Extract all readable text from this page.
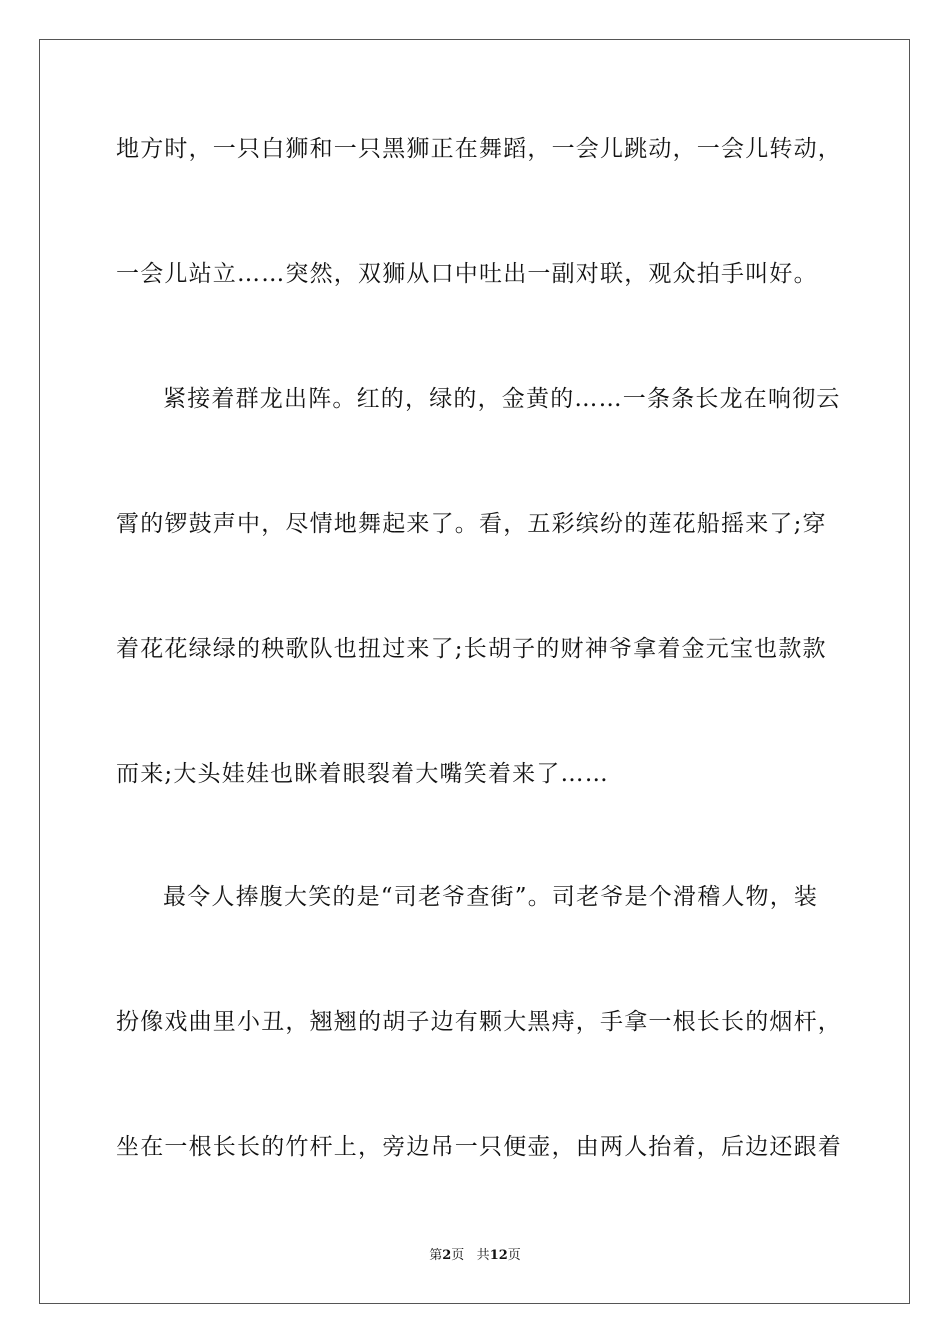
地方时，一只白狮和一只黑狮正在舞蹈，一会儿跳动，一会儿转动，
一会儿站立……突然，双狮从口中吐出一副对联，观众拍手叫好。
紧接着群龙出阵。红的，绿的，金黄的……一条条长龙在响彻云
霄的锣鼓声中，尽情地舞起来了。看，五彩缤纷的莲花船摇来了;穿
着花花绿绿的秧歌队也扭过来了;长胡子的财神爷拿着金元宝也款款
而来;大头娃娃也眯着眼裂着大嘴笑着来了……
最令人捧腹大笑的是“司老爷查街”。司老爷是个滑稽人物，装
扮像戏曲里小丑，翘翘的胡子边有颗大黑痔，手拿一根长长的烟杆，
坐在一根长长的竹杆上，旁边吊一只便壶，由两人抬着，后边还跟着
第2页 共12页
